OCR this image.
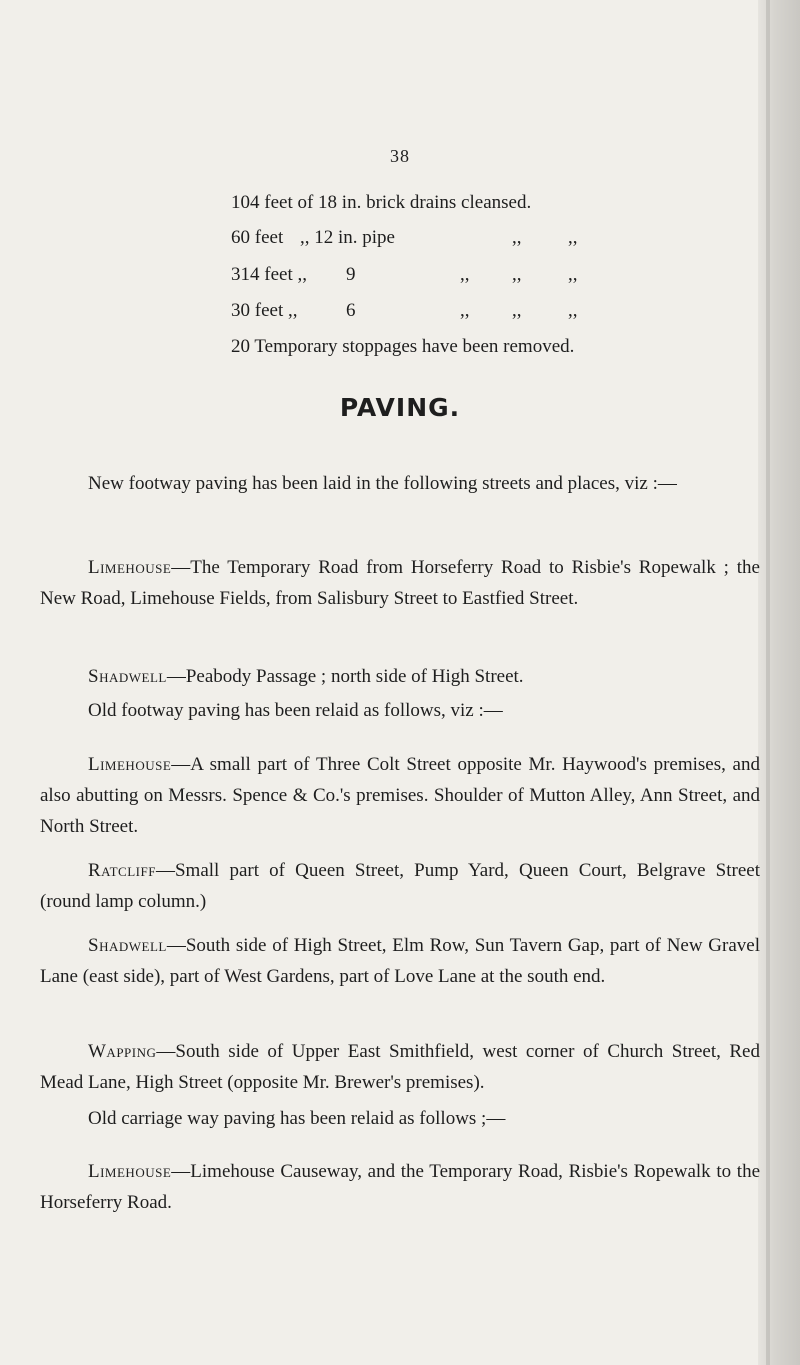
38
104 feet of 18 in. brick drains cleansed.
60 feet ,, 12 in. pipe	,, ,,
314 feet ,, 9	,, ,, ,,
30 feet ,,	6	,, ,, ,,
20 Temporary stoppages have been removed.
PAVING.

New footway paving has been laid in the following streets and places, viz :—

Limehouse—The Temporary Road from Horseferry Road to Risbie's Ropewalk ; the New Road, Limehouse Fields, from Salisbury Street to Eastfied Street.

Shadwell—Peabody Passage ; north side of High Street.

Old footway paving has been relaid as follows, viz :—

Limehouse—A small part of Three Colt Street opposite Mr. Haywood's premises, and also abutting on Messrs. Spence & Co.'s premises. Shoulder of Mutton Alley, Ann Street, and North Street.

Ratcliff—Small part of Queen Street, Pump Yard, Queen Court, Belgrave Street (round lamp column.)

Shadwell—South side of High Street, Elm Row, Sun Tavern Gap, part of New Gravel Lane (east side), part of West Gardens, part of Love Lane at the south end.

Wapping—South side of Upper East Smithfield, west corner of Church Street, Red Mead Lane, High Street (opposite Mr. Brewer's premises).

Old carriage way paving has been relaid as follows ;—

Limehouse—Limehouse Causeway, and the Temporary Road, Risbie's Ropewalk to the Horseferry Road.
